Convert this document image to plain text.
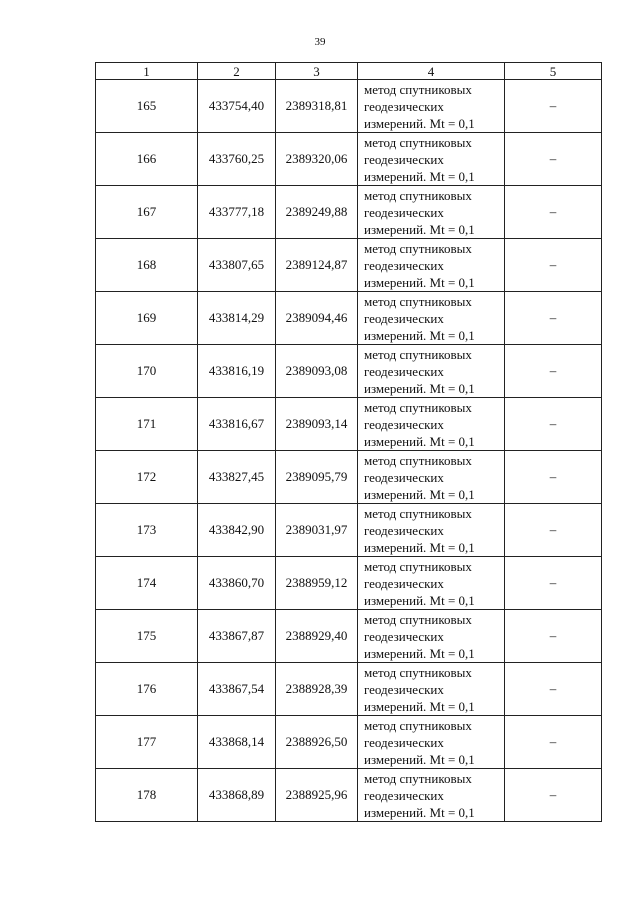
39
1	2	3	4	5
165	433754,40	2389318,81	метод спутниковых
геодезических
измерений. Mt = 0,1	–
166	433760,25	2389320,06	метод спутниковых
геодезических
измерений. Mt = 0,1	–
167	433777,18	2389249,88	метод спутниковых
геодезических
измерений. Mt = 0,1	–
168	433807,65	2389124,87	метод спутниковых
геодезических
измерений. Mt = 0,1	–
169	433814,29	2389094,46	метод спутниковых
геодезических
измерений. Mt = 0,1	–
170	433816,19	2389093,08	метод спутниковых
геодезических
измерений. Mt = 0,1	–
171	433816,67	2389093,14	метод спутниковых
геодезических
измерений. Mt = 0,1	–
172	433827,45	2389095,79	метод спутниковых
геодезических
измерений. Mt = 0,1	–
173	433842,90	2389031,97	метод спутниковых
геодезических
измерений. Mt = 0,1	–
174	433860,70	2388959,12	метод спутниковых
геодезических
измерений. Mt = 0,1	–
175	433867,87	2388929,40	метод спутниковых
геодезических
измерений. Mt = 0,1	–
176	433867,54	2388928,39	метод спутниковых
геодезических
измерений. Mt = 0,1	–
177	433868,14	2388926,50	метод спутниковых
геодезических
измерений. Mt = 0,1	–
178	433868,89	2388925,96	метод спутниковых
геодезических
измерений. Mt = 0,1	–
